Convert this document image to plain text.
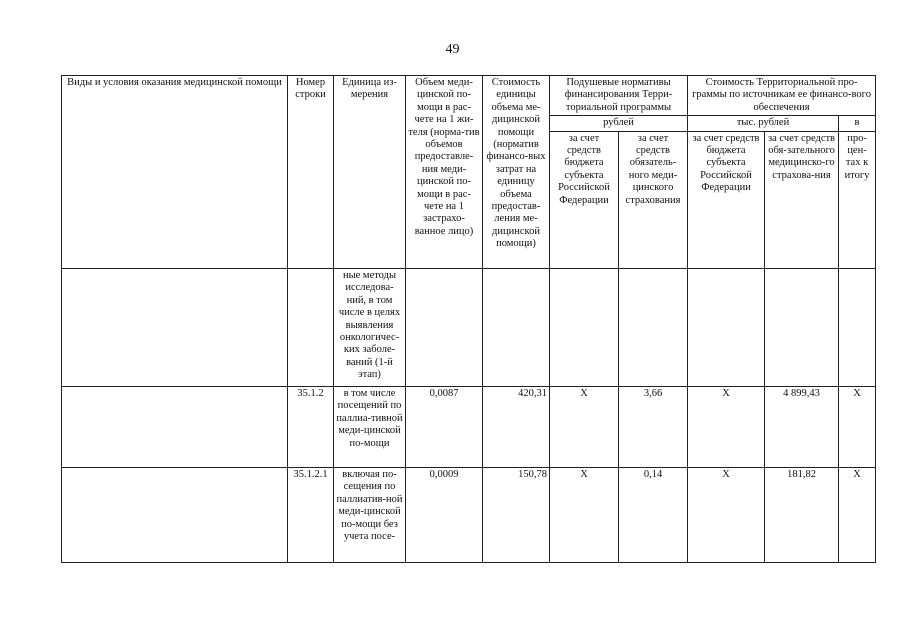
49
Виды и условия оказания медицинской помощи	Номер строки	Единица из-мерения	Объем меди-цинской по-мощи в рас-чете на 1 жи-теля (норма-тив объемов предоставле-ния меди-цинской по-мощи в рас-чете на 1 застрахо-ванное лицо)	Стоимость единицы объема ме-дицинской помощи (норматив финансо-вых затрат на единицу объема предостав-ления ме-дицинской помощи)	Подушевые нормативы финансирования Терри-ториальной программы		Стоимость Территориальной про-граммы по источникам ее финансо-вого обеспечения		
					рублей		тыс. рублей		в
					за счет средств бюджета субъекта Российской Федерации	за счет средств обязатель-ного меди-цинского страхования	за счет средств бюджета субъекта Российской Федерации	за счет средств обя-зательного медицинско-го страхова-ния	про-цен-тах к итогу
		ные методы исследова-ний, в том числе в целях выявления онкологичес-ких заболе-ваний (1-й этап)							
	35.1.2	в том числе посещений по паллиа-тивной меди-цинской по-мощи	0,0087	420,31	X	3,66	X	4 899,43	X
	35.1.2.1	включая по-сещения по паллиатив-ной меди-цинской по-мощи без учета посе-	0,0009	150,78	X	0,14	X	181,82	X
